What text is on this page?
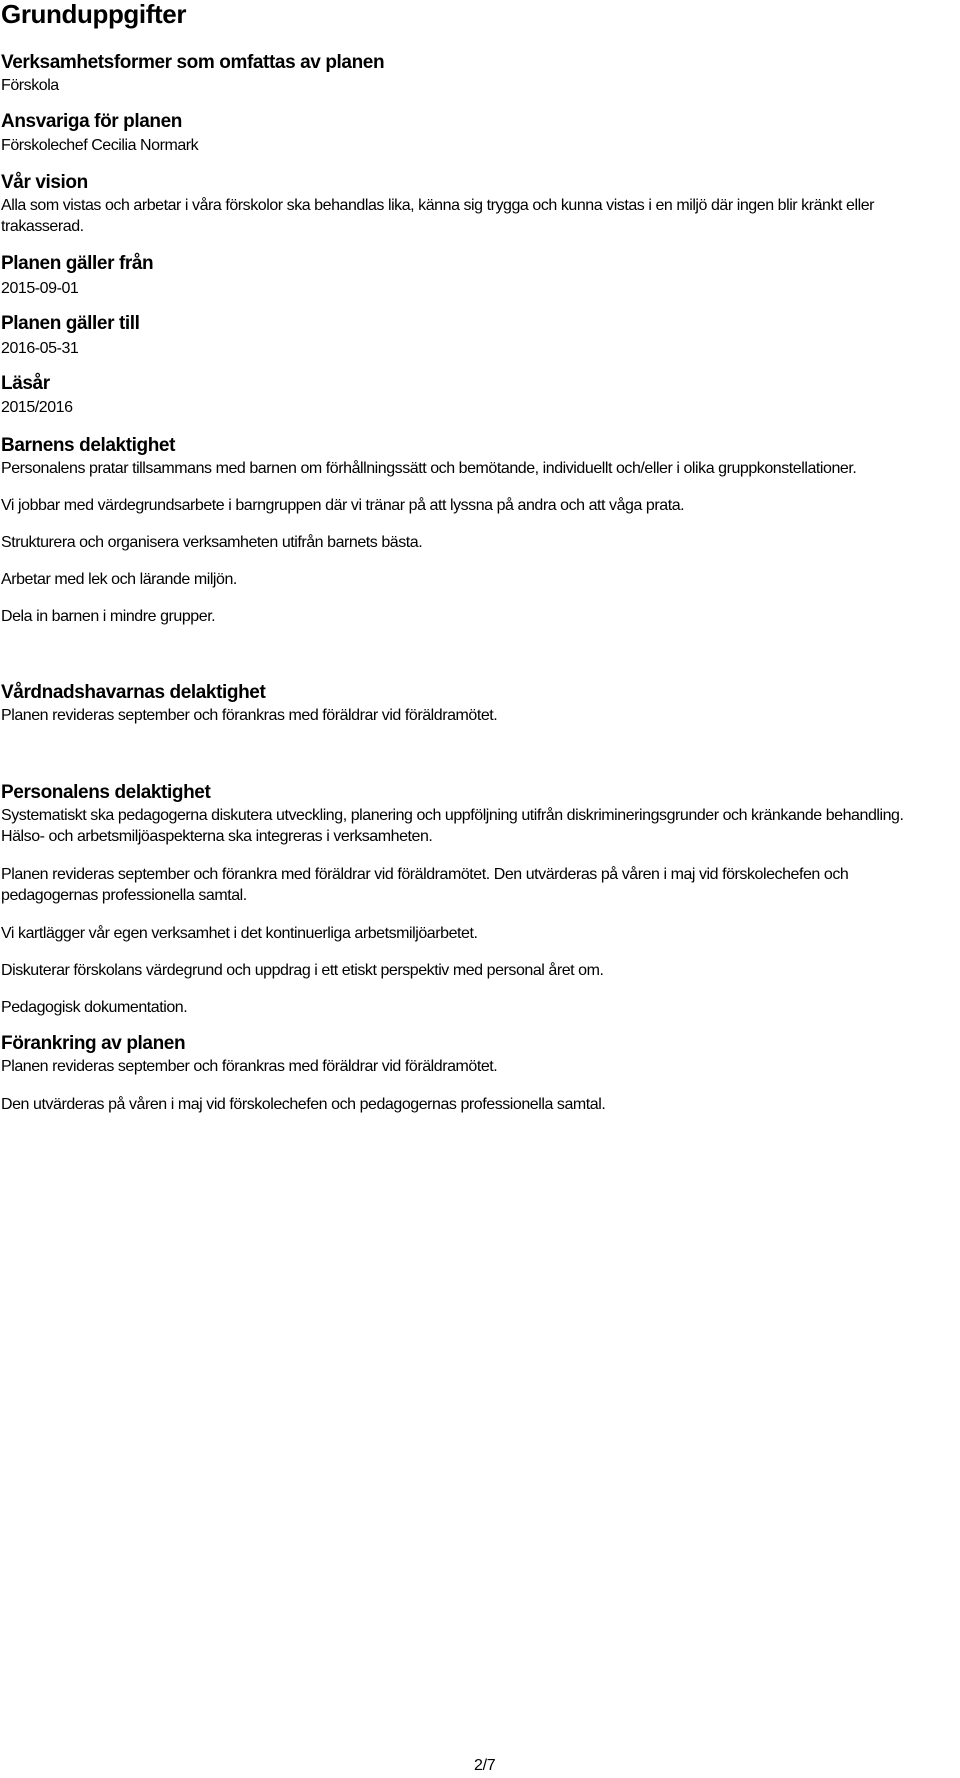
Grunduppgifter
Verksamhetsformer som omfattas av planen

Förskola

Ansvariga för planen

Förskolechef Cecilia Normark

Vår vision

Alla som vistas och arbetar i våra förskolor ska behandlas lika, känna sig trygga och kunna vistas i en miljö där ingen blir kränkt eller trakasserad.

Planen gäller från

2015-09-01

Planen gäller till

2016-05-31

Läsår

2015/2016

Barnens delaktighet

Personalens pratar tillsammans med barnen om förhållningssätt och bemötande, individuellt och/eller i olika gruppkonstellationer.

Vi jobbar med värdegrundsarbete i barngruppen där vi tränar på att lyssna på andra och att våga prata.

Strukturera och organisera verksamheten utifrån barnets bästa.

Arbetar med lek och lärande miljön.

Dela in barnen i mindre grupper.

Vårdnadshavarnas delaktighet

Planen revideras september och förankras med föräldrar vid föräldramötet.

Personalens delaktighet

Systematiskt ska pedagogerna diskutera utveckling, planering och uppföljning utifrån diskrimineringsgrunder och kränkande behandling. Hälso- och arbetsmiljöaspekterna ska integreras i verksamheten.

Planen revideras september och förankra med föräldrar vid föräldramötet. Den utvärderas på våren i maj vid förskolechefen och pedagogernas professionella samtal.

Vi kartlägger vår egen verksamhet i det kontinuerliga arbetsmiljöarbetet.

Diskuterar förskolans värdegrund och uppdrag i ett etiskt perspektiv med personal året om.

Pedagogisk dokumentation.

Förankring av planen

Planen revideras september och förankras med föräldrar vid föräldramötet.

Den utvärderas på våren i maj vid förskolechefen och pedagogernas professionella samtal.

2/7
